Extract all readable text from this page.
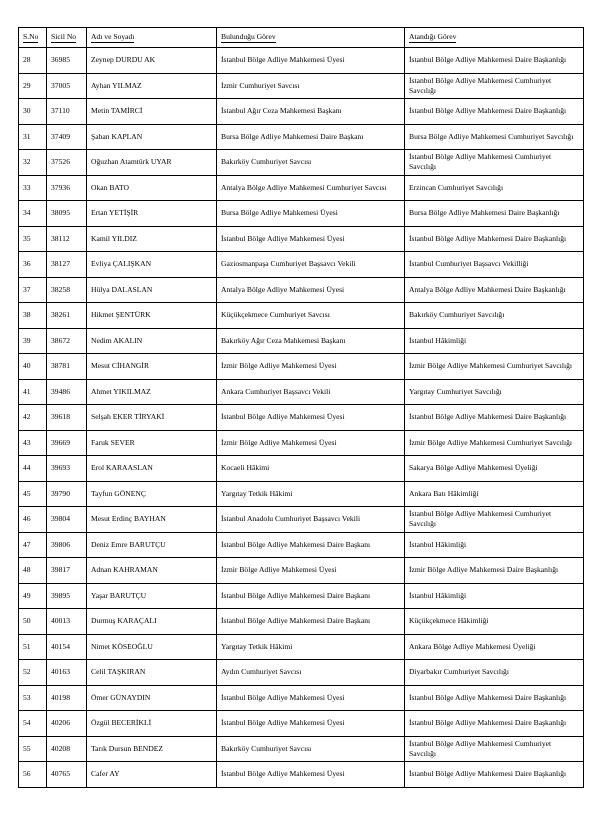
S.No	Sicil No	Adı ve Soyadı	Bulunduğu Görev	Atandığı Görev
28	36985	Zeynep DURDU AK	İstanbul Bölge Adliye Mahkemesi Üyesi	İstanbul Bölge Adliye Mahkemesi Daire Başkanlığı
29	37005	Ayhan YILMAZ	İzmir Cumhuriyet Savcısı	İstanbul Bölge Adliye Mahkemesi Cumhuriyet Savcılığı
30	37110	Metin TAMİRCİ	İstanbul Ağır Ceza Mahkemesi Başkanı	İstanbul Bölge Adliye Mahkemesi Daire Başkanlığı
31	37409	Şaban KAPLAN	Bursa Bölge Adliye Mahkemesi Daire Başkanı	Bursa Bölge Adliye Mahkemesi Cumhuriyet Savcılığı
32	37526	Oğuzhan Atamtürk UYAR	Bakırköy Cumhuriyet Savcısı	İstanbul Bölge Adliye Mahkemesi Cumhuriyet Savcılığı
33	37936	Okan BATO	Antalya Bölge Adliye Mahkemesi Cumhuriyet Savcısı	Erzincan Cumhuriyet Savcılığı
34	38095	Ertan YETİŞİR	Bursa Bölge Adliye Mahkemesi Üyesi	Bursa Bölge Adliye Mahkemesi Daire Başkanlığı
35	38112	Kamil YILDIZ	İstanbul Bölge Adliye Mahkemesi Üyesi	İstanbul Bölge Adliye Mahkemesi Daire Başkanlığı
36	38127	Evliya ÇALIŞKAN	Gaziosmanpaşa Cumhuriyet Başsavcı Vekili	İstanbul Cumhuriyet Başsavcı Vekilliği
37	38258	Hülya DALASLAN	Antalya Bölge Adliye Mahkemesi Üyesi	Antalya Bölge Adliye Mahkemesi Daire Başkanlığı
38	38261	Hikmet ŞENTÜRK	Küçükçekmece Cumhuriyet Savcısı	Bakırköy Cumhuriyet Savcılığı
39	38672	Nedim AKALIN	Bakırköy Ağır Ceza Mahkemesi Başkanı	İstanbul Hâkimliği
40	38781	Mesut CİHANGİR	İzmir Bölge Adliye Mahkemesi Üyesi	İzmir Bölge Adliye Mahkemesi Cumhuriyet Savcılığı
41	39486	Ahmet YIKILMAZ	Ankara Cumhuriyet Başsavcı Vekili	Yargıtay Cumhuriyet Savcılığı
42	39618	Selşah EKER TİRYAKİ	İstanbul Bölge Adliye Mahkemesi Üyesi	İstanbul Bölge Adliye Mahkemesi Daire Başkanlığı
43	39669	Faruk SEVER	İzmir Bölge Adliye Mahkemesi Üyesi	İzmir Bölge Adliye Mahkemesi Cumhuriyet Savcılığı
44	39693	Erol KARAASLAN	Kocaeli Hâkimi	Sakarya Bölge Adliye Mahkemesi Üyeliği
45	39790	Tayfun GÖNENÇ	Yargıtay Tetkik Hâkimi	Ankara Batı Hâkimliği
46	39804	Mesut Erdinç BAYHAN	İstanbul Anadolu Cumhuriyet Başsavcı Vekili	İstanbul Bölge Adliye Mahkemesi Cumhuriyet Savcılığı
47	39806	Deniz Emre BARUTÇU	İstanbul Bölge Adliye Mahkemesi Daire Başkanı	İstanbul Hâkimliği
48	39817	Adnan KAHRAMAN	İzmir Bölge Adliye Mahkemesi Üyesi	İzmir Bölge Adliye Mahkemesi Daire Başkanlığı
49	39895	Yaşar BARUTÇU	İstanbul Bölge Adliye Mahkemesi Daire Başkanı	İstanbul Hâkimliği
50	40013	Durmuş KARAÇALI	İstanbul Bölge Adliye Mahkemesi Daire Başkanı	Küçükçekmece Hâkimliği
51	40154	Nimet KÖSEOĞLU	Yargıtay Tetkik Hâkimi	Ankara Bölge Adliye Mahkemesi Üyeliği
52	40163	Celil TAŞKIRAN	Aydın Cumhuriyet Savcısı	Diyarbakır Cumhuriyet Savcılığı
53	40198	Ömer GÜNAYDIN	İstanbul Bölge Adliye Mahkemesi Üyesi	İstanbul Bölge Adliye Mahkemesi Daire Başkanlığı
54	40206	Özgül BECERİKLİ	İstanbul Bölge Adliye Mahkemesi Üyesi	İstanbul Bölge Adliye Mahkemesi Daire Başkanlığı
55	40208	Tarık Dursun BENDEZ	Bakırköy Cumhuriyet Savcısı	İstanbul Bölge Adliye Mahkemesi Cumhuriyet Savcılığı
56	40765	Cafer AY	İstanbul Bölge Adliye Mahkemesi Üyesi	İstanbul Bölge Adliye Mahkemesi Daire Başkanlığı
